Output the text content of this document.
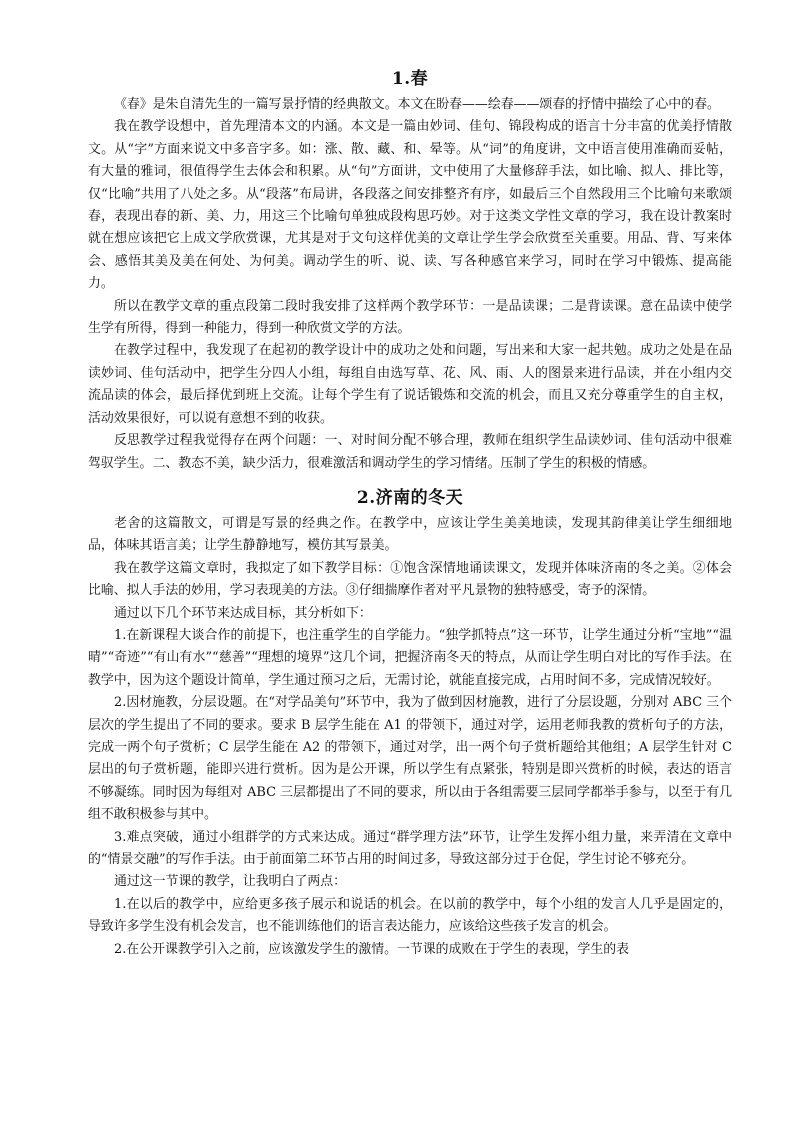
1.春

《春》是朱自清先生的一篇写景抒情的经典散文。本文在盼春——绘春——颂春的抒情中描绘了心中的春。

我在教学设想中，首先理清本文的内涵。本文是一篇由妙词、佳句、锦段构成的语言十分丰富的优美抒情散文。从“字”方面来说文中多音字多。如：涨、散、藏、和、晕等。从“词”的角度讲，文中语言使用准确而妥帖，有大量的雅词，很值得学生去体会和积累。从“句”方面讲，文中使用了大量修辞手法，如比喻、拟人、排比等，仅“比喻”共用了八处之多。从“段落”布局讲，各段落之间安排整齐有序，如最后三个自然段用三个比喻句来歌颂春，表现出春的新、美、力，用这三个比喻句单独成段构思巧妙。对于这类文学性文章的学习，我在设计教案时就在想应该把它上成文学欣赏课，尤其是对于文句这样优美的文章让学生学会欣赏至关重要。用品、背、写来体会、感悟其美及美在何处、为何美。调动学生的听、说、读、写各种感官来学习，同时在学习中锻炼、提高能力。

所以在教学文章的重点段第二段时我安排了这样两个教学环节：一是品读课；二是背读课。意在品读中使学生学有所得，得到一种能力，得到一种欣赏文学的方法。

在教学过程中，我发现了在起初的教学设计中的成功之处和问题，写出来和大家一起共勉。成功之处是在品读妙词、佳句活动中，把学生分四人小组，每组自由选写草、花、风、雨、人的图景来进行品读，并在小组内交流品读的体会，最后择优到班上交流。让每个学生有了说话锻炼和交流的机会，而且又充分尊重学生的自主权，活动效果很好，可以说有意想不到的收获。

反思教学过程我觉得存在两个问题：一、对时间分配不够合理，教师在组织学生品读妙词、佳句活动中很难驾驭学生。二、教态不美，缺少活力，很难激活和调动学生的学习情绪。压制了学生的积极的情感。

2.济南的冬天

老舍的这篇散文，可谓是写景的经典之作。在教学中，应该让学生美美地读，发现其韵律美让学生细细地品，体味其语言美；让学生静静地写，模仿其写景美。

我在教学这篇文章时，我拟定了如下教学目标：①饱含深情地诵读课文，发现并体味济南的冬之美。②体会比喻、拟人手法的妙用，学习表现美的方法。③仔细揣摩作者对平凡景物的独特感受，寄予的深情。

通过以下几个环节来达成目标，其分析如下：

1.在新课程大谈合作的前提下，也注重学生的自学能力。“独学抓特点”这一环节，让学生通过分析“宝地”“温晴”“奇迹”“有山有水”“慈善”“理想的境界”这几个词，把握济南冬天的特点，从而让学生明白对比的写作手法。在教学中，因为这个题设计简单，学生通过预习之后，无需讨论，就能直接完成，占用时间不多，完成情况较好。

2.因材施教，分层设题。在“对学品美句”环节中，我为了做到因材施教，进行了分层设题，分别对 ABC 三个层次的学生提出了不同的要求。要求 B 层学生能在 A1 的带领下，通过对学，运用老师我教的赏析句子的方法，完成一两个句子赏析；C 层学生能在 A2 的带领下，通过对学，出一两个句子赏析题给其他组；A 层学生针对 C 层出的句子赏析题，能即兴进行赏析。因为是公开课，所以学生有点紧张，特别是即兴赏析的时候，表达的语言不够凝练。同时因为每组对 ABC 三层都提出了不同的要求，所以由于各组需要三层同学都举手参与，以至于有几组不敢积极参与其中。

3.难点突破，通过小组群学的方式来达成。通过“群学理方法”环节，让学生发挥小组力量，来弄清在文章中的“情景交融”的写作手法。由于前面第二环节占用的时间过多，导致这部分过于仓促，学生讨论不够充分。

通过这一节课的教学，让我明白了两点：

1.在以后的教学中，应给更多孩子展示和说话的机会。在以前的教学中，每个小组的发言人几乎是固定的，导致许多学生没有机会发言，也不能训练他们的语言表达能力，应该给这些孩子发言的机会。

2.在公开课教学引入之前，应该激发学生的激情。一节课的成败在于学生的表现，学生的表
